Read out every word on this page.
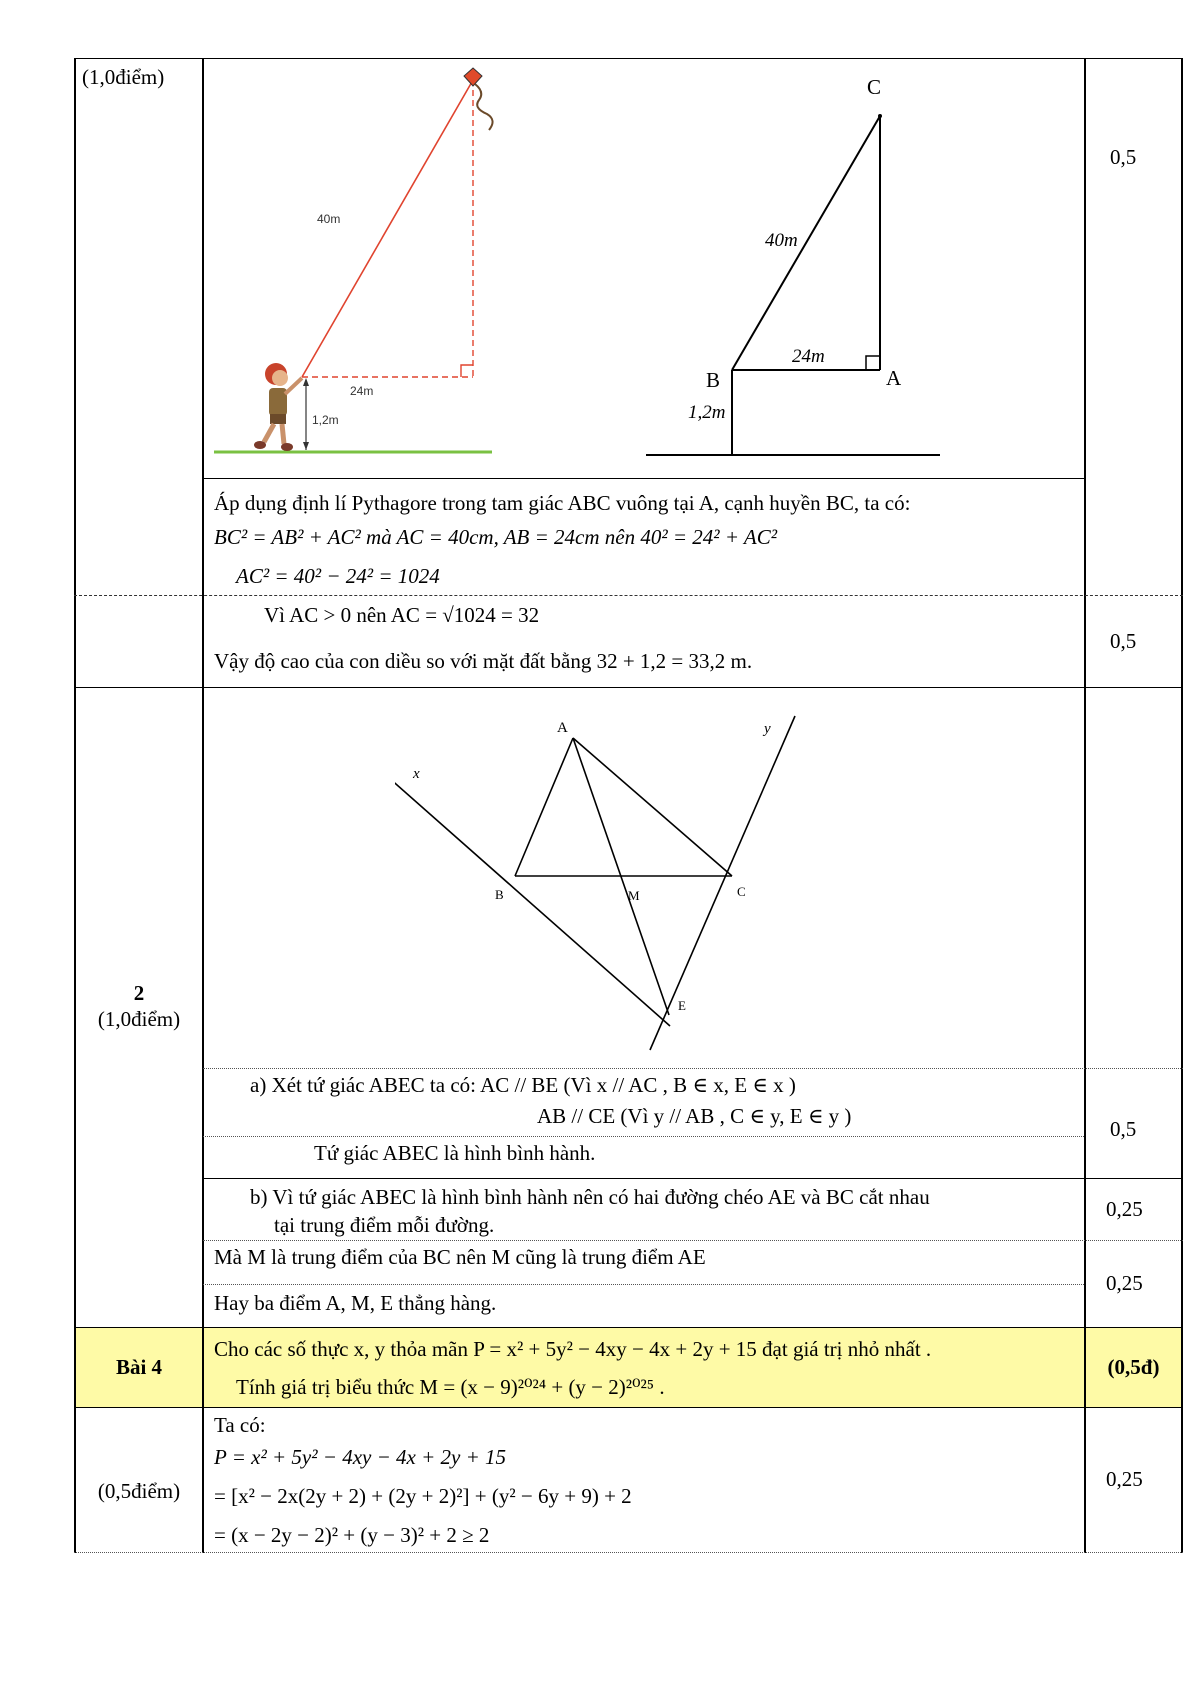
(1,0điểm)
40m
24m
1,2m
C
B	A
40m
24m
1,2m
0,5
Áp dụng định lí Pythagore trong tam giác ABC vuông tại A, cạnh huyền BC, ta có:
BC² = AB² + AC² mà AC = 40cm, AB = 24cm nên 40² = 24² + AC²
AC² = 40² − 24² = 1024
Vì AC > 0 nên AC = √1024 = 32
0,5
Vậy độ cao của con diều so với mặt đất bằng 32 + 1,2 = 33,2 m.
2
(1,0điểm)
A
B	C
M
E
x
y
a) Xét tứ giác ABEC ta có: AC // BE (Vì x // AC , B ∈ x, E ∈ x )
AB // CE (Vì y // AB , C ∈ y, E ∈ y )
0,5
Tứ giác ABEC là hình bình hành.
b) Vì tứ giác ABEC là hình bình hành nên có hai đường chéo AE và BC cắt nhau
tại trung điểm mỗi đường.
0,25
Mà M là trung điểm của BC nên M cũng là trung điểm AE
0,25
Hay ba điểm A, M, E thẳng hàng.
Bài 4
Cho các số thực x, y thỏa mãn P = x² + 5y² − 4xy − 4x + 2y + 15 đạt giá trị nhỏ nhất .
Tính giá trị biểu thức M = (x − 9)²⁰²⁴ + (y − 2)²⁰²⁵ .
(0,5đ)
(0,5điểm)
Ta có:
P = x² + 5y² − 4xy − 4x + 2y + 15
= [x² − 2x(2y + 2) + (2y + 2)²] + (y² − 6y + 9) + 2
= (x − 2y − 2)² + (y − 3)² + 2 ≥ 2
0,25
